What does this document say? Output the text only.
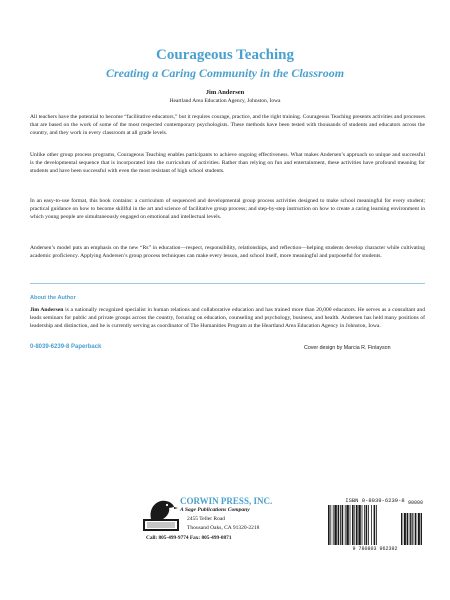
Courageous Teaching
Creating a Caring Community in the Classroom
Jim Andersen
Heartland Area Education Agency, Johnston, Iowa
All teachers have the potential to become “facilitative educators,” but it requires courage, practice, and the right training. Courageous Teaching presents activities and processes that are based on the work of some of the most respected contemporary psychologists. These methods have been tested with thousands of students and educators across the country, and they work in every classroom at all grade levels.
Unlike other group process programs, Courageous Teaching enables participants to achieve ongoing effectiveness. What makes Andersen’s approach so unique and successful is the developmental sequence that is incorporated into the curriculum of activities. Rather than relying on fun and entertainment, these activities have profound meaning for students and have been successful with even the most resistant of high school students.
In an easy-to-use format, this book contains: a curriculum of sequenced and developmental group process activities designed to make school meaningful for every student; practical guidance on how to become skillful in the art and science of facilitative group process; and step-by-step instruction on how to create a caring learning environment in which young people are simultaneously engaged on emotional and intellectual levels.
Andersen’s model puts an emphasis on the new “Rs” in education—respect, responsibility, relationships, and reflection—helping students develop character while cultivating academic proficiency. Applying Andersen’s group process techniques can make every lesson, and school itself, more meaningful and purposeful for students.
About the Author
Jim Andersen is a nationally recognized specialist in human relations and collaborative education and has trained more than 20,000 educators. He serves as a consultant and leads seminars for public and private groups across the country, focusing on education, counseling and psychology, business, and health. Andersen has held many positions of leadership and distinction, and he is currently serving as coordinator of The Humanities Program at the Heartland Area Education Agency in Johnston, Iowa.
0-8039-6239-8 Paperback	Cover design by Marcia R. Finlayson
CORWIN PRESS, INC.
A Sage Publications Company
2455 Teller Road
Thousand Oaks, CA 91320-2218
Call: 805-499-9774 Fax: 805-499-0871
ISBN 0-8039-6239-8 90000
9 780803 962392
